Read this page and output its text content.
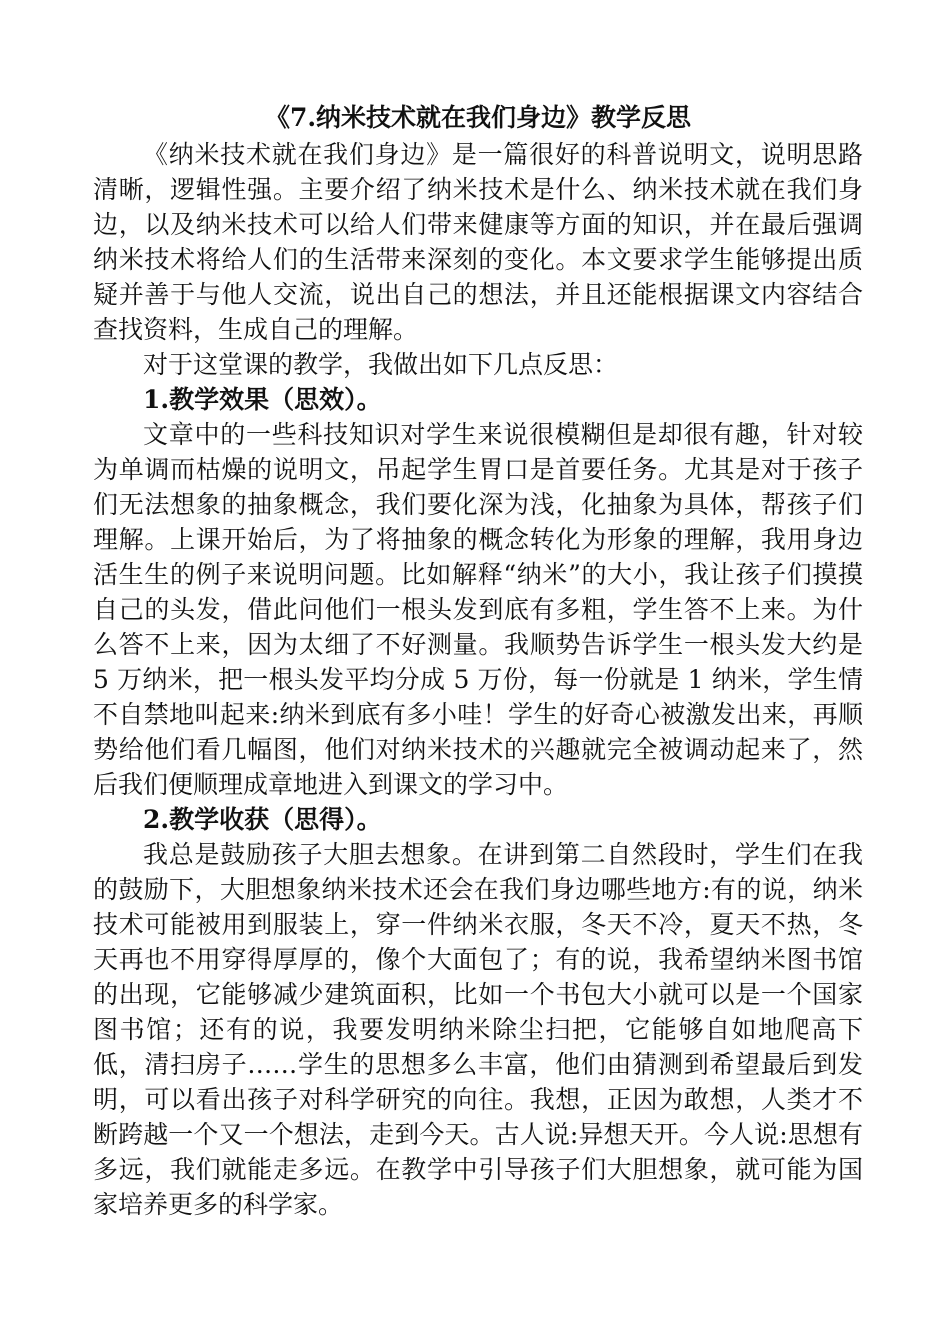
《7.纳米技术就在我们身边》教学反思

《纳米技术就在我们身边》是一篇很好的科普说明文，说明思路清晰，逻辑性强。主要介绍了纳米技术是什么、纳米技术就在我们身边，以及纳米技术可以给人们带来健康等方面的知识，并在最后强调纳米技术将给人们的生活带来深刻的变化。本文要求学生能够提出质疑并善于与他人交流，说出自己的想法，并且还能根据课文内容结合查找资料，生成自己的理解。

对于这堂课的教学，我做出如下几点反思：

1.教学效果（思效）。

文章中的一些科技知识对学生来说很模糊但是却很有趣，针对较为单调而枯燥的说明文，吊起学生胃口是首要任务。尤其是对于孩子们无法想象的抽象概念，我们要化深为浅，化抽象为具体，帮孩子们理解。上课开始后，为了将抽象的概念转化为形象的理解，我用身边活生生的例子来说明问题。比如解释“纳米”的大小，我让孩子们摸摸自己的头发，借此问他们一根头发到底有多粗，学生答不上来。为什么答不上来，因为太细了不好测量。我顺势告诉学生一根头发大约是 5 万纳米，把一根头发平均分成 5 万份，每一份就是 1 纳米，学生情不自禁地叫起来:纳米到底有多小哇！学生的好奇心被激发出来，再顺势给他们看几幅图，他们对纳米技术的兴趣就完全被调动起来了，然后我们便顺理成章地进入到课文的学习中。

2.教学收获（思得）。

我总是鼓励孩子大胆去想象。在讲到第二自然段时，学生们在我的鼓励下，大胆想象纳米技术还会在我们身边哪些地方:有的说，纳米技术可能被用到服装上，穿一件纳米衣服，冬天不冷，夏天不热，冬天再也不用穿得厚厚的，像个大面包了；有的说，我希望纳米图书馆的出现，它能够减少建筑面积，比如一个书包大小就可以是一个国家图书馆；还有的说，我要发明纳米除尘扫把，它能够自如地爬高下低，清扫房子……学生的思想多么丰富，他们由猜测到希望最后到发明，可以看出孩子对科学研究的向往。我想，正因为敢想，人类才不断跨越一个又一个想法，走到今天。古人说:异想天开。今人说:思想有多远，我们就能走多远。在教学中引导孩子们大胆想象，就可能为国家培养更多的科学家。
